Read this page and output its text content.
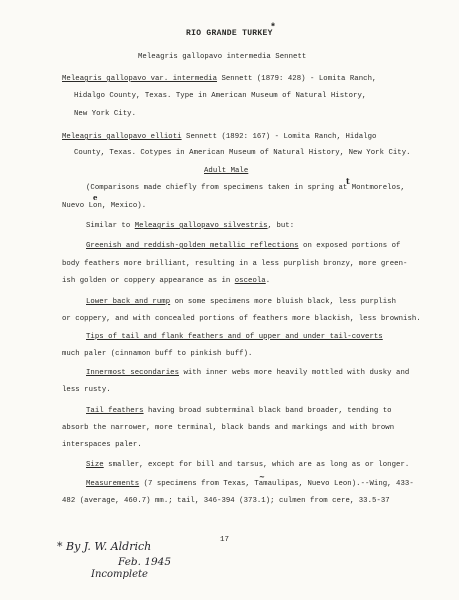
RIO GRANDE TURKEY
*
Meleagris gallopavo intermedia Sennett
Meleagris gallopavo var. intermedia Sennett (1879: 428) - Lomita Ranch,
Hidalgo County, Texas. Type in American Museum of Natural History,
New York City.
Meleagris gallopavo ellioti Sennett (1892: 167) - Lomita Ranch, Hidalgo
County, Texas. Cotypes in American Museum of Natural History, New York City.
Adult Male
(Comparisons made chiefly from specimens taken in spring at Montmorelos,
t
Nuevo Lon, Mexico).
e
Similar to Meleagris gallopavo silvestris, but:
Greenish and reddish-golden metallic reflections on exposed portions of
body feathers more brilliant, resulting in a less purplish bronzy, more green-
ish golden or coppery appearance as in osceola.
Lower back and rump on some specimens more bluish black, less purplish
or coppery, and with concealed portions of feathers more blackish, less brownish.
Tips of tail and flank feathers and of upper and under tail-coverts
much paler (cinnamon buff to pinkish buff).
Innermost secondaries with inner webs more heavily mottled with dusky and
less rusty.
Tail feathers having broad subterminal black band broader, tending to
absorb the narrower, more terminal, black bands and markings and with brown
interspaces paler.
Size smaller, except for bill and tarsus, which are as long as or longer.
Measurements (7 specimens from Texas, Tamaulipas, Nuevo Leon).--Wing, 433-
482 (average, 460.7) mm.; tail, 346-394 (373.1); culmen from cere, 33.5-37
~
17
* By J. W. Aldrich
Feb. 1945
Incomplete
